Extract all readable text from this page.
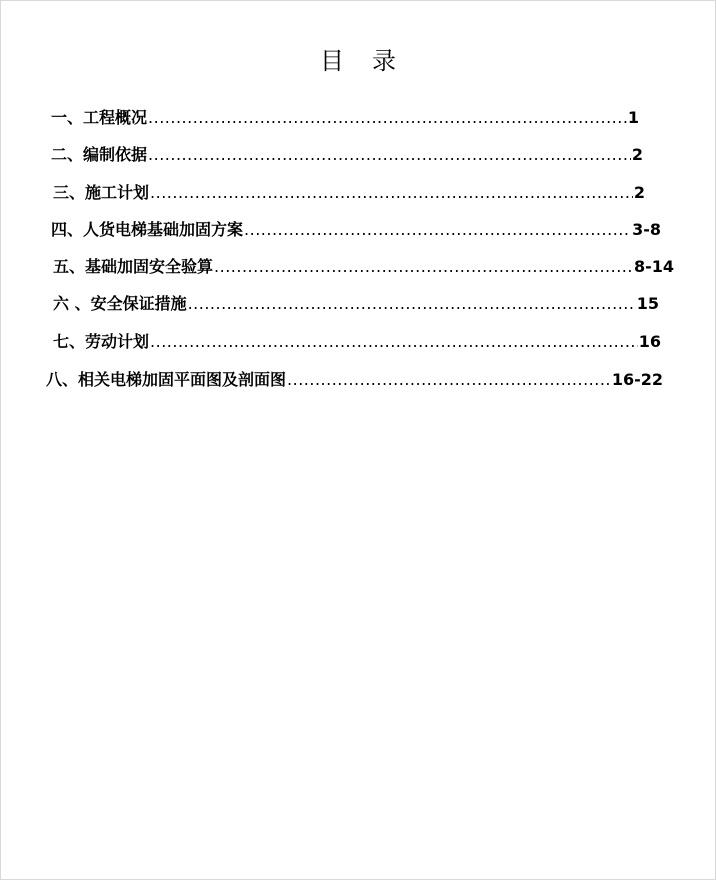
目　录
一、工程概况 .....	1
二、编制依据 .....	2
三、施工计划 .....	2
四、人货电梯基础加固方案 .....	3-8
五、基础加固安全验算 .....	8-14
六 、安全保证措施 .....	15
七、劳动计划 .....	16
八、相关电梯加固平面图及剖面图 .....	16-22
